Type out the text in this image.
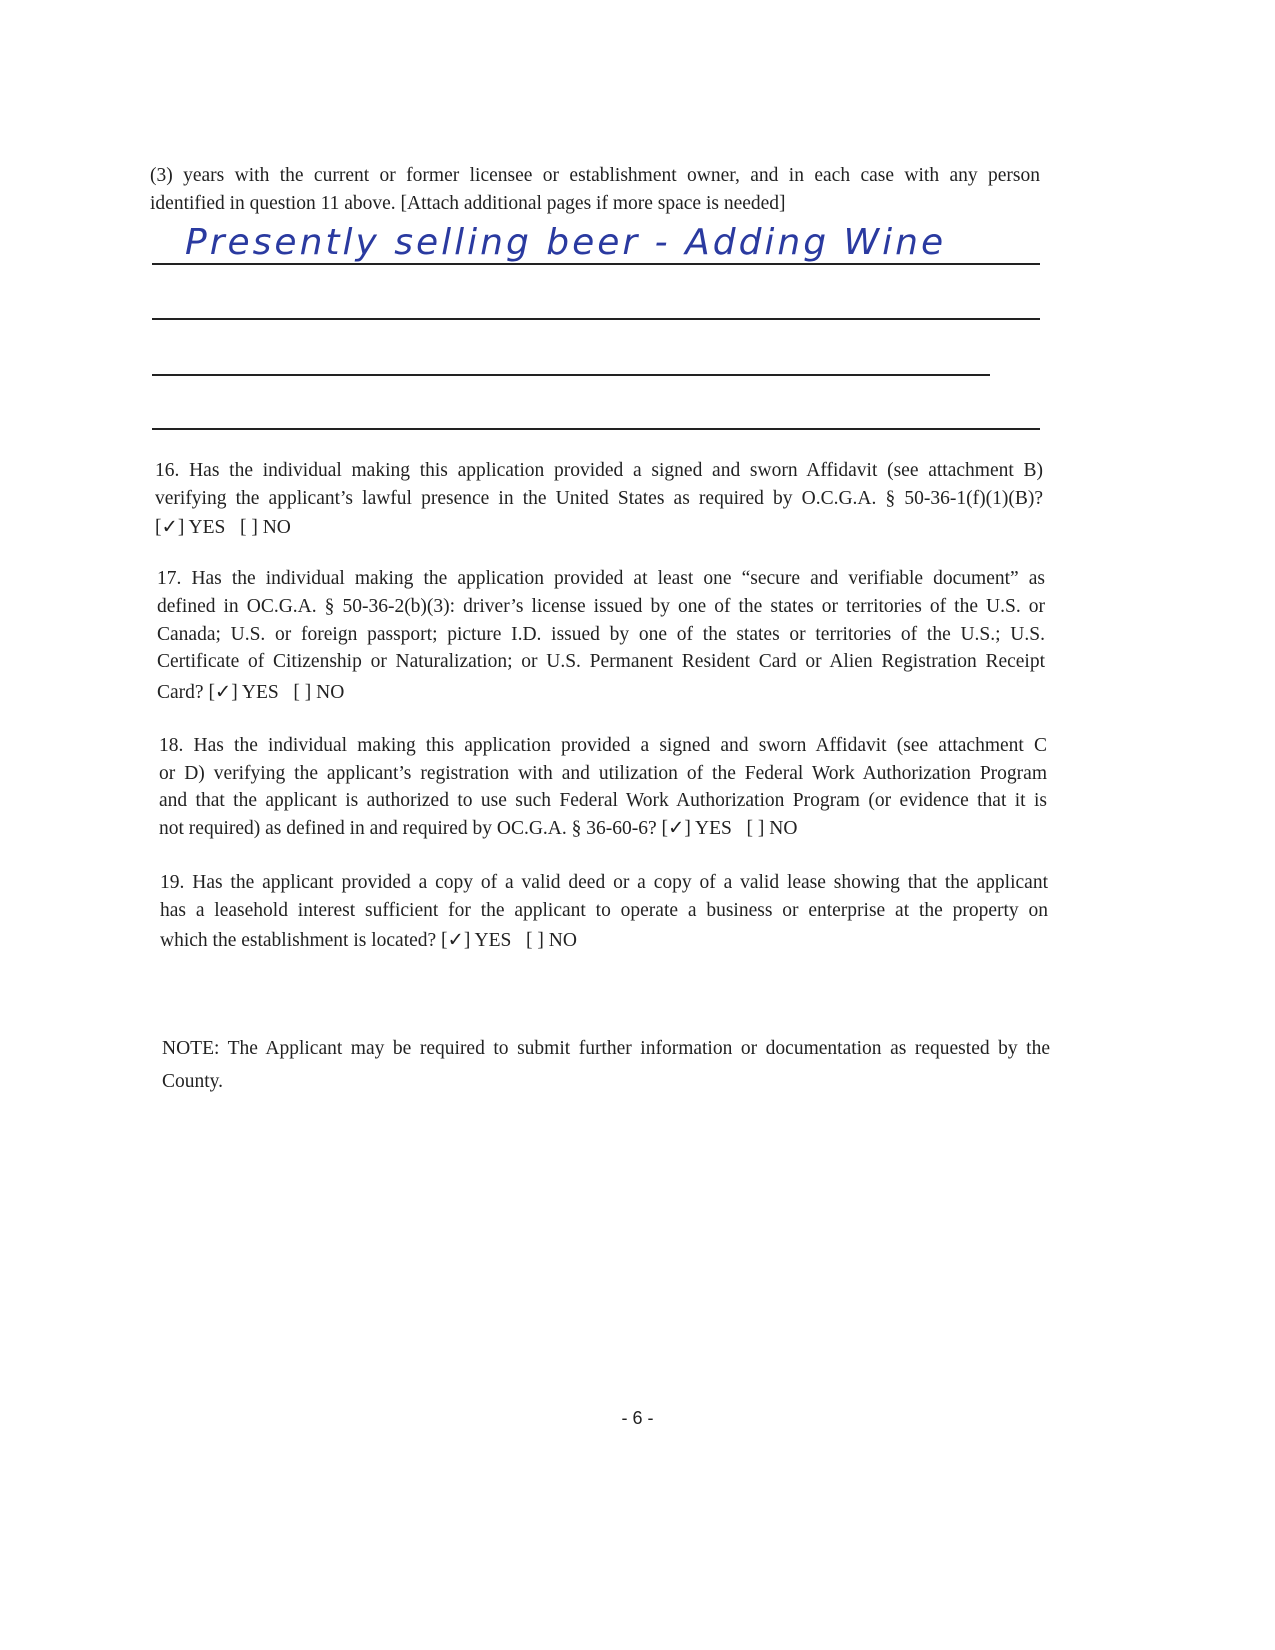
(3) years with the current or former licensee or establishment owner, and in each case with any person
identified in question 11 above. [Attach additional pages if more space is needed]
Presently selling beer - Adding Wine
16. Has the individual making this application provided a signed and sworn Affidavit (see attachment B)
verifying the applicant’s lawful presence in the United States as required by O.C.G.A. § 50-36-1(f)(1)(B)?
[✓] YES [ ] NO
17. Has the individual making the application provided at least one “secure and verifiable document” as
defined in OC.G.A. § 50-36-2(b)(3): driver’s license issued by one of the states or territories of the U.S. or
Canada; U.S. or foreign passport; picture I.D. issued by one of the states or territories of the U.S.; U.S.
Certificate of Citizenship or Naturalization; or U.S. Permanent Resident Card or Alien Registration Receipt
Card? [✓] YES [ ] NO
18. Has the individual making this application provided a signed and sworn Affidavit (see attachment C
or D) verifying the applicant’s registration with and utilization of the Federal Work Authorization Program
and that the applicant is authorized to use such Federal Work Authorization Program (or evidence that it is
not required) as defined in and required by OC.G.A. § 36-60-6? [✓] YES [ ] NO
19. Has the applicant provided a copy of a valid deed or a copy of a valid lease showing that the applicant
has a leasehold interest sufficient for the applicant to operate a business or enterprise at the property on
which the establishment is located? [✓] YES [ ] NO
NOTE: The Applicant may be required to submit further information or documentation as requested by the
County.
- 6 -
